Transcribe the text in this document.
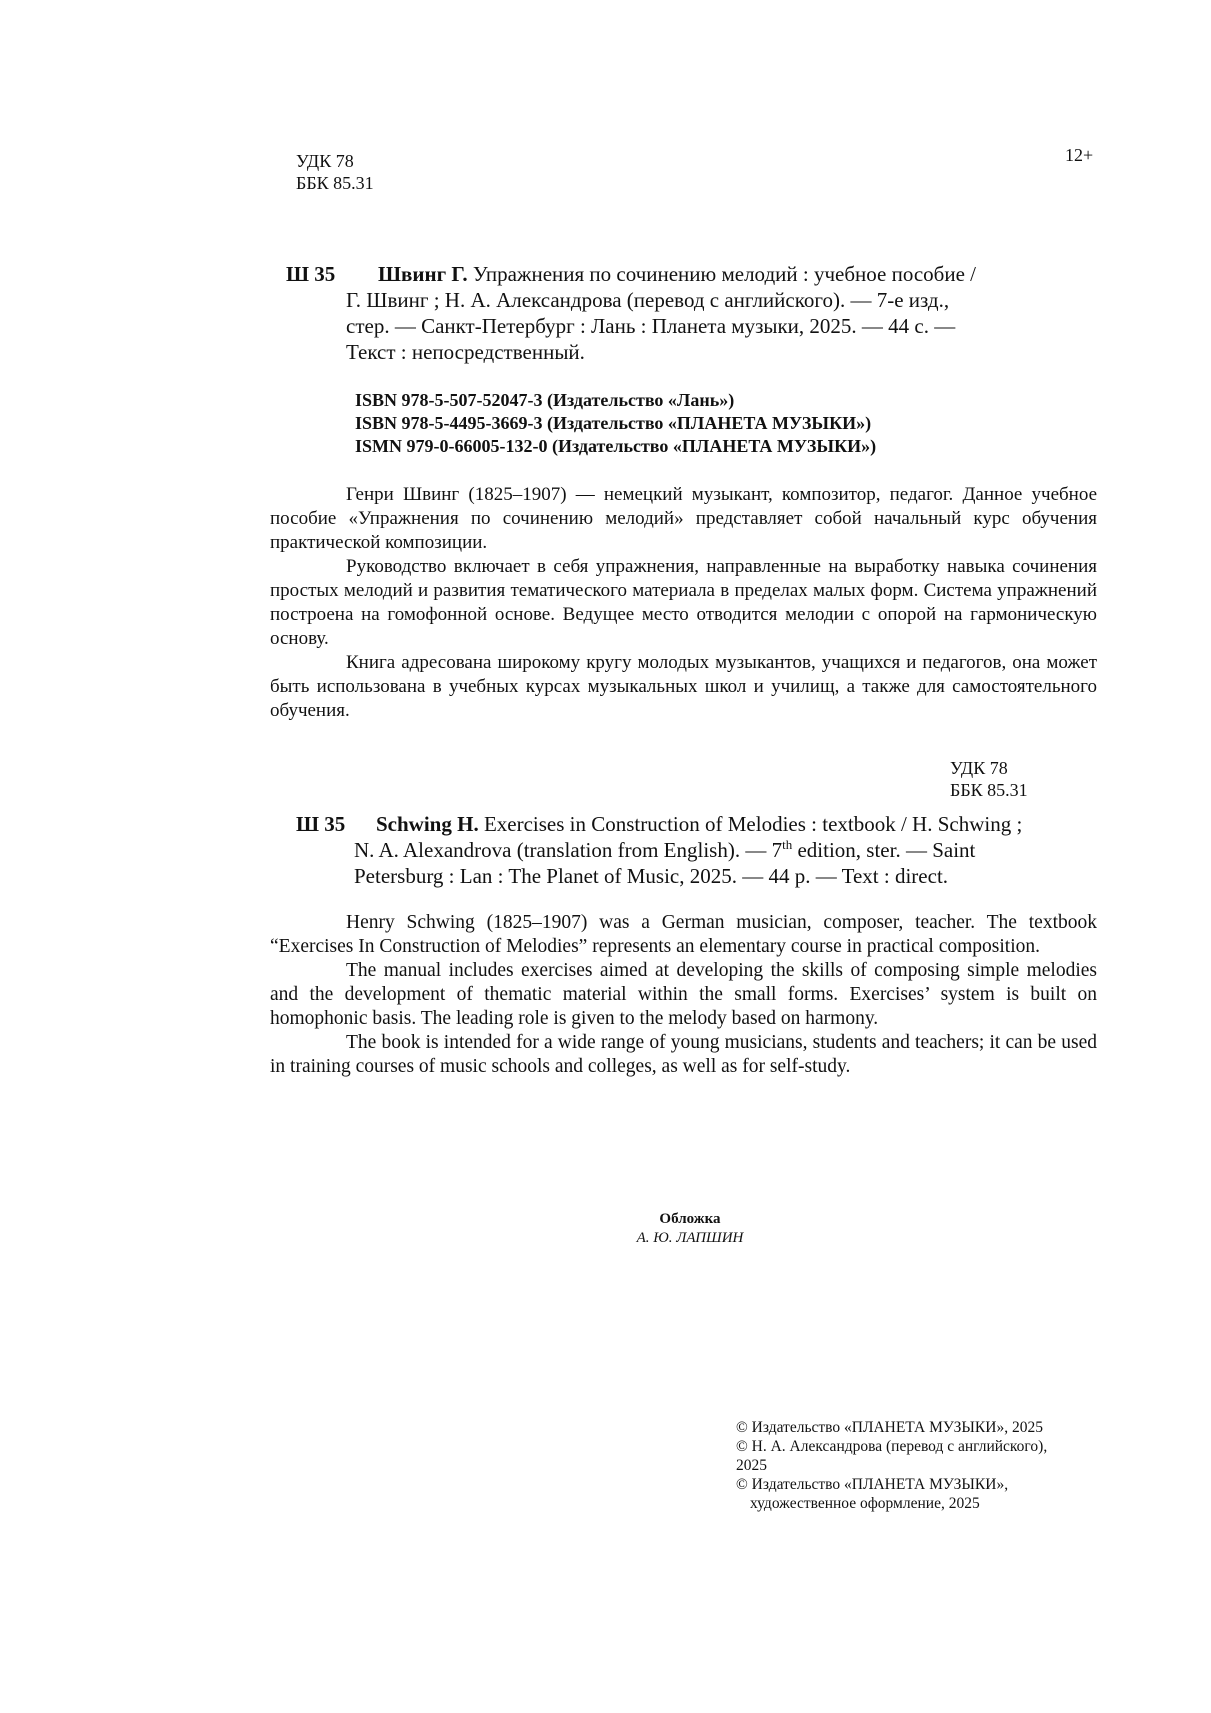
УДК 78
ББК 85.31
12+
Ш 35	Швинг Г. Упражнения по сочинению мелодий : учебное пособие /
Г. Швинг ; Н. А. Александрова (перевод с английского). — 7-е изд.,
стер. — Санкт-Петербург : Лань : Планета музыки, 2025. — 44 с. —
Текст : непосредственный.
ISBN 978-5-507-52047-3 (Издательство «Лань»)
ISBN 978-5-4495-3669-3 (Издательство «ПЛАНЕТА МУЗЫКИ»)
ISMN 979-0-66005-132-0 (Издательство «ПЛАНЕТА МУЗЫКИ»)

Генри Швинг (1825–1907) — немецкий музыкант, композитор, педагог. Данное учебное пособие «Упражнения по сочинению мелодий» представляет собой начальный курс обучения практической композиции.

Руководство включает в себя упражнения, направленные на выработку навыка сочинения простых мелодий и развития тематического материала в пределах малых форм. Система упражнений построена на гомофонной основе. Ведущее место отводится мелодии с опорой на гармоническую основу.

Книга адресована широкому кругу молодых музыкантов, учащихся и педагогов, она может быть использована в учебных курсах музыкальных школ и училищ, а также для самостоятельного обучения.

УДК 78
ББК 85.31
Ш 35	Schwing H. Exercises in Construction of Melodies : textbook / H. Schwing ;
N. A. Alexandrova (translation from English). — 7th edition, ster. — Saint
Petersburg : Lan : The Planet of Music, 2025. — 44 p. — Text : direct.

Henry Schwing (1825–1907) was a German musician, composer, teacher. The textbook “Exercises In Construction of Melodies” represents an elementary course in practical composition.

The manual includes exercises aimed at developing the skills of composing simple melodies and the development of thematic material within the small forms. Exercises’ system is built on homophonic basis. The leading role is given to the melody based on harmony.

The book is intended for a wide range of young musicians, students and teachers; it can be used in training courses of music schools and colleges, as well as for self-study.

Обложка
А. Ю. ЛАПШИН
© Издательство «ПЛАНЕТА МУЗЫКИ», 2025
© Н. А. Александрова (перевод с английского),
2025
© Издательство «ПЛАНЕТА МУЗЫКИ»,
художественное оформление, 2025
